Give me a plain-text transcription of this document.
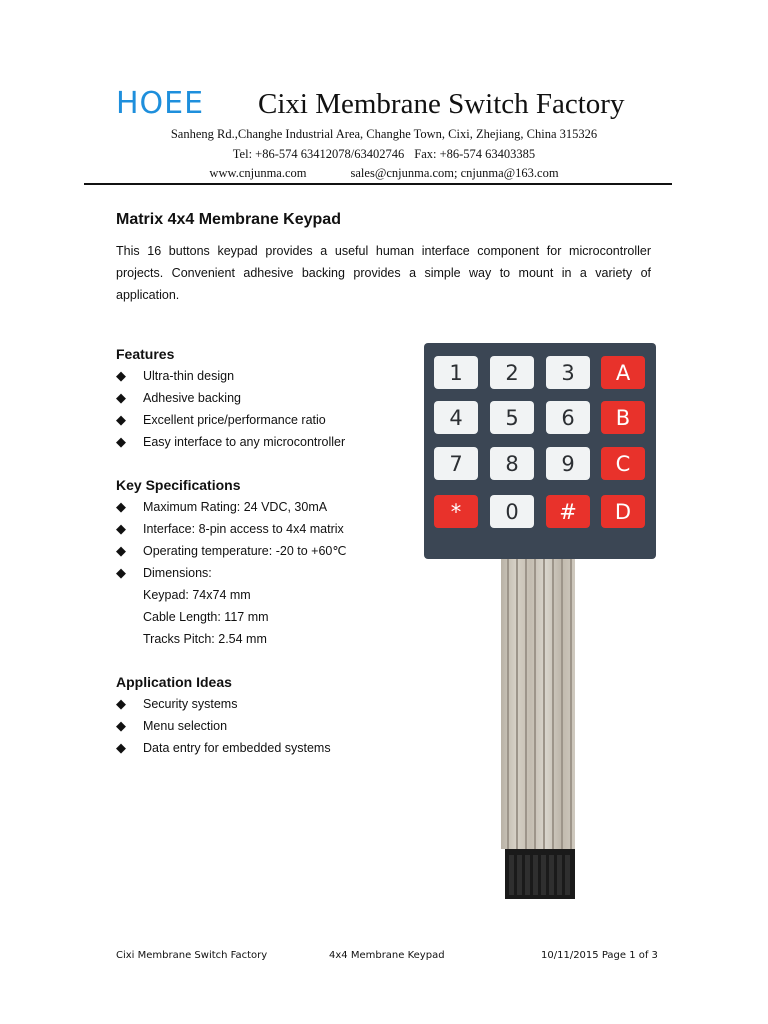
HOEE Cixi Membrane Switch Factory
Sanheng Rd.,Changhe Industrial Area, Changhe Town, Cixi, Zhejiang, China 315326
Tel: +86-574 63412078/63402746 Fax: +86-574 63403385
www.cnjunma.com	sales@cnjunma.com; cnjunma@163.com
Matrix 4x4 Membrane Keypad

This 16 buttons keypad provides a useful human interface component for microcontroller projects. Convenient adhesive backing provides a simple way to mount in a variety of application.

Features
◆ Ultra-thin design
◆ Adhesive backing
◆ Excellent price/performance ratio
◆ Easy interface to any microcontroller
Key Specifications
◆ Maximum Rating: 24 VDC, 30mA
◆ Interface: 8-pin access to 4x4 matrix
◆ Operating temperature: -20 to +60℃
◆ Dimensions:
Keypad: 74x74 mm
Cable Length: 117 mm
Tracks Pitch: 2.54 mm
Application Ideas
◆ Security systems
◆ Menu selection
◆ Data entry for embedded systems
1	2	3	A
4	5	6	B
7	8	9	C
*	0	#	D
Cixi Membrane Switch Factory	4x4 Membrane Keypad	10/11/2015 Page 1 of 3
